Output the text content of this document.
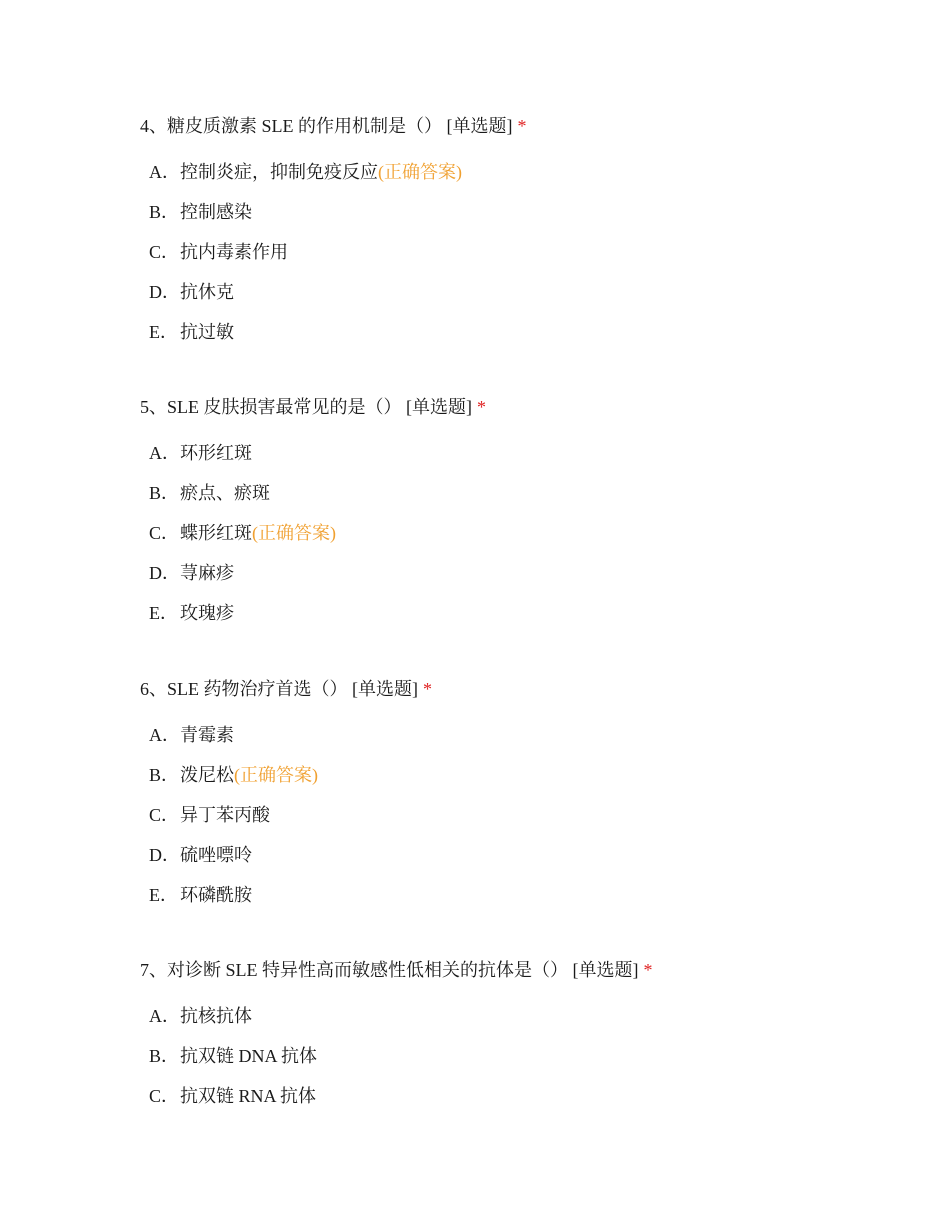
4、糖皮质激素 SLE 的作用机制是（） [单选题] *
A．控制炎症，抑制免疫反应(正确答案)
B．控制感染
C．抗内毒素作用
D．抗休克
E． 抗过敏
5、SLE 皮肤损害最常见的是（） [单选题] *
A．环形红斑
B．瘀点、瘀斑
C．蝶形红斑(正确答案)
D．荨麻疹
E． 玫瑰疹
6、SLE 药物治疗首选（） [单选题] *
A．青霉素
B．泼尼松(正确答案)
C．异丁苯丙酸
D．硫唑嘌呤
E． 环磷酰胺
7、对诊断 SLE 特异性高而敏感性低相关的抗体是（） [单选题] *
A．抗核抗体
B．抗双链 DNA 抗体
C．抗双链 RNA 抗体
